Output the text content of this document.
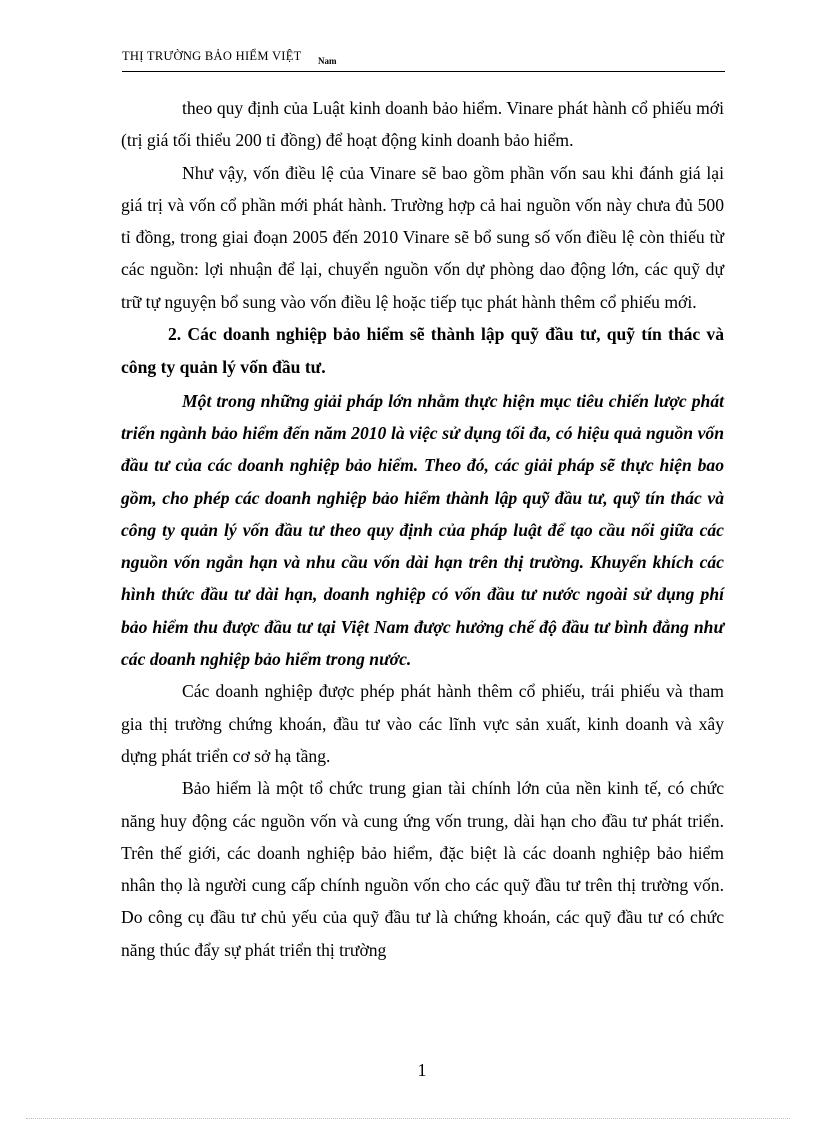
THỊ TRƯỜNG BẢO HIỂM VIỆT Nam

theo quy định của Luật kinh doanh bảo hiểm. Vinare phát hành cổ phiếu mới (trị giá tối thiểu 200 tỉ đồng) để hoạt động kinh doanh bảo hiểm.

Như vậy, vốn điều lệ của Vinare sẽ bao gồm phần vốn sau khi đánh giá lại giá trị và vốn cổ phần mới phát hành. Trường hợp cả hai nguồn vốn này chưa đủ 500 tỉ đồng, trong giai đoạn 2005 đến 2010 Vinare sẽ bổ sung số vốn điều lệ còn thiếu từ các nguồn: lợi nhuận để lại, chuyển nguồn vốn dự phòng dao động lớn, các quỹ dự trữ tự nguyện bổ sung vào vốn điều lệ hoặc tiếp tục phát hành thêm cổ phiếu mới.

2. Các doanh nghiệp bảo hiểm sẽ thành lập quỹ đầu tư, quỹ tín thác và công ty quản lý vốn đầu tư.

Một trong những giải pháp lớn nhằm thực hiện mục tiêu chiến lược phát triển ngành bảo hiểm đến năm 2010 là việc sử dụng tối đa, có hiệu quả nguồn vốn đầu tư của các doanh nghiệp bảo hiểm. Theo đó, các giải pháp sẽ thực hiện bao gồm, cho phép các doanh nghiệp bảo hiểm thành lập quỹ đầu tư, quỹ tín thác và công ty quản lý vốn đầu tư theo quy định của pháp luật để tạo cầu nối giữa các nguồn vốn ngắn hạn và nhu cầu vốn dài hạn trên thị trường. Khuyến khích các hình thức đầu tư dài hạn, doanh nghiệp có vốn đầu tư nước ngoài sử dụng phí bảo hiểm thu được đầu tư tại Việt Nam được hưởng chế độ đầu tư bình đẳng như các doanh nghiệp bảo hiểm trong nước.

Các doanh nghiệp được phép phát hành thêm cổ phiếu, trái phiếu và tham gia thị trường chứng khoán, đầu tư vào các lĩnh vực sản xuất, kinh doanh và xây dựng phát triển cơ sở hạ tầng.

Bảo hiểm là một tổ chức trung gian tài chính lớn của nền kinh tế, có chức năng huy động các nguồn vốn và cung ứng vốn trung, dài hạn cho đầu tư phát triển. Trên thế giới, các doanh nghiệp bảo hiểm, đặc biệt là các doanh nghiệp bảo hiểm nhân thọ là người cung cấp chính nguồn vốn cho các quỹ đầu tư trên thị trường vốn. Do công cụ đầu tư chủ yếu của quỹ đầu tư là chứng khoán, các quỹ đầu tư có chức năng thúc đẩy sự phát triển thị trường

1
